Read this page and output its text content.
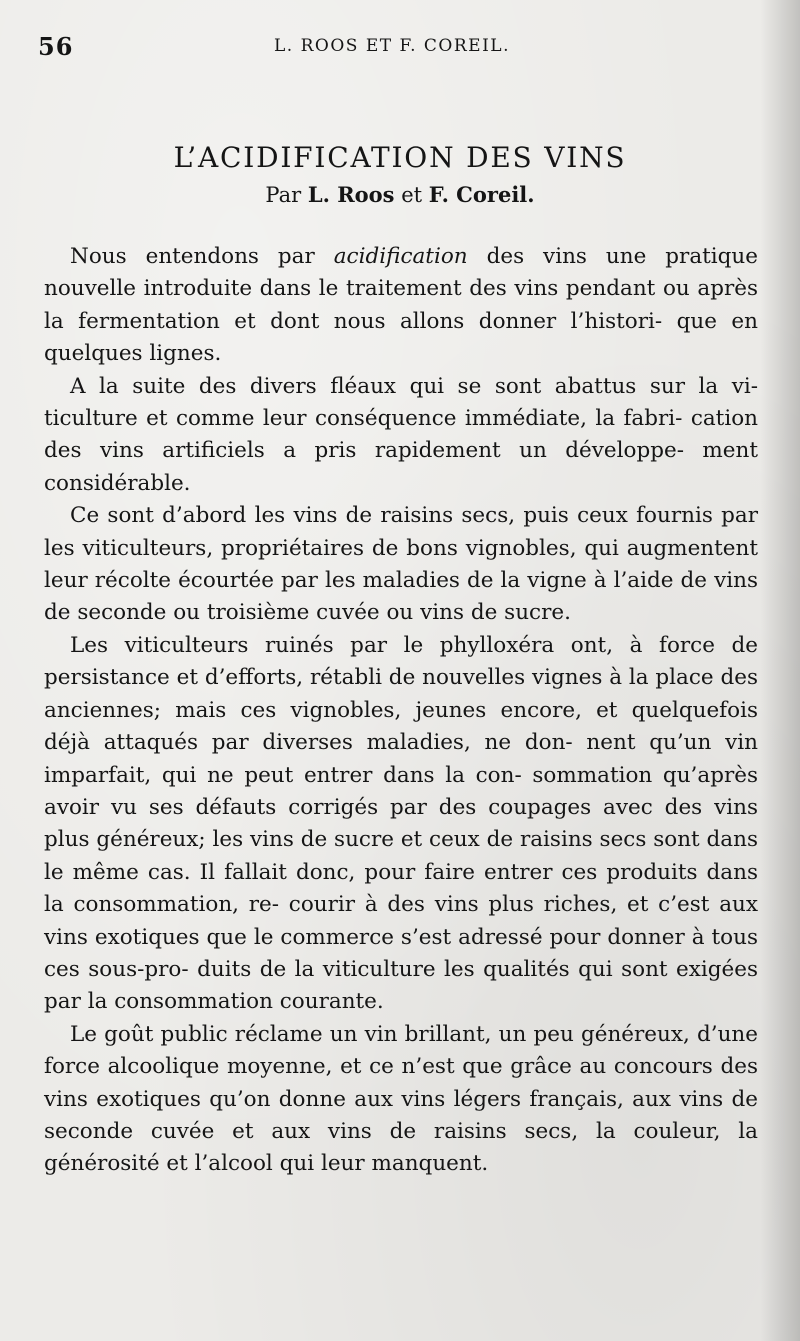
56	L. ROOS ET F. COREIL.
L’ACIDIFICATION DES VINS
Par L. Roos et F. Coreil.

Nous entendons par acidification des vins une pratique nouvelle introduite dans le traitement des vins pendant ou après la fermentation et dont nous allons donner l’histori- que en quelques lignes.

A la suite des divers fléaux qui se sont abattus sur la vi- ticulture et comme leur conséquence immédiate, la fabri- cation des vins artificiels a pris rapidement un développe- ment considérable.

Ce sont d’abord les vins de raisins secs, puis ceux fournis par les viticulteurs, propriétaires de bons vignobles, qui augmentent leur récolte écourtée par les maladies de la vigne à l’aide de vins de seconde ou troisième cuvée ou vins de sucre.

Les viticulteurs ruinés par le phylloxéra ont, à force de persistance et d’efforts, rétabli de nouvelles vignes à la place des anciennes; mais ces vignobles, jeunes encore, et quelquefois déjà attaqués par diverses maladies, ne don- nent qu’un vin imparfait, qui ne peut entrer dans la con- sommation qu’après avoir vu ses défauts corrigés par des coupages avec des vins plus généreux; les vins de sucre et ceux de raisins secs sont dans le même cas. Il fallait donc, pour faire entrer ces produits dans la consommation, re- courir à des vins plus riches, et c’est aux vins exotiques que le commerce s’est adressé pour donner à tous ces sous-pro- duits de la viticulture les qualités qui sont exigées par la consommation courante.

Le goût public réclame un vin brillant, un peu généreux, d’une force alcoolique moyenne, et ce n’est que grâce au concours des vins exotiques qu’on donne aux vins légers français, aux vins de seconde cuvée et aux vins de raisins secs, la couleur, la générosité et l’alcool qui leur manquent.
